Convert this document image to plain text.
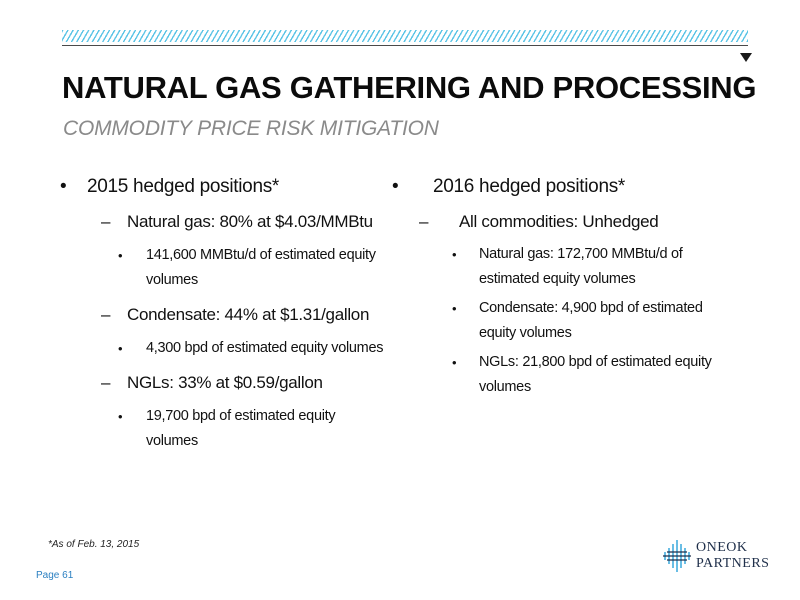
NATURAL GAS GATHERING AND PROCESSING
COMMODITY PRICE RISK MITIGATION
•	2015 hedged positions*
– Natural gas: 80% at $4.03/MMBtu
•	141,600 MMBtu/d of estimated equity volumes
– Condensate: 44% at $1.31/gallon
•	4,300 bpd of estimated equity volumes
– NGLs: 33% at $0.59/gallon
•	19,700 bpd of estimated equity volumes
•	2016 hedged positions*
–	All commodities: Unhedged
•	Natural gas: 172,700 MMBtu/d of estimated equity volumes
•	Condensate: 4,900 bpd of estimated equity volumes
•	NGLs: 21,800 bpd of estimated equity volumes
*As of Feb. 13, 2015
Page 61
ONEOK
PARTNERS
